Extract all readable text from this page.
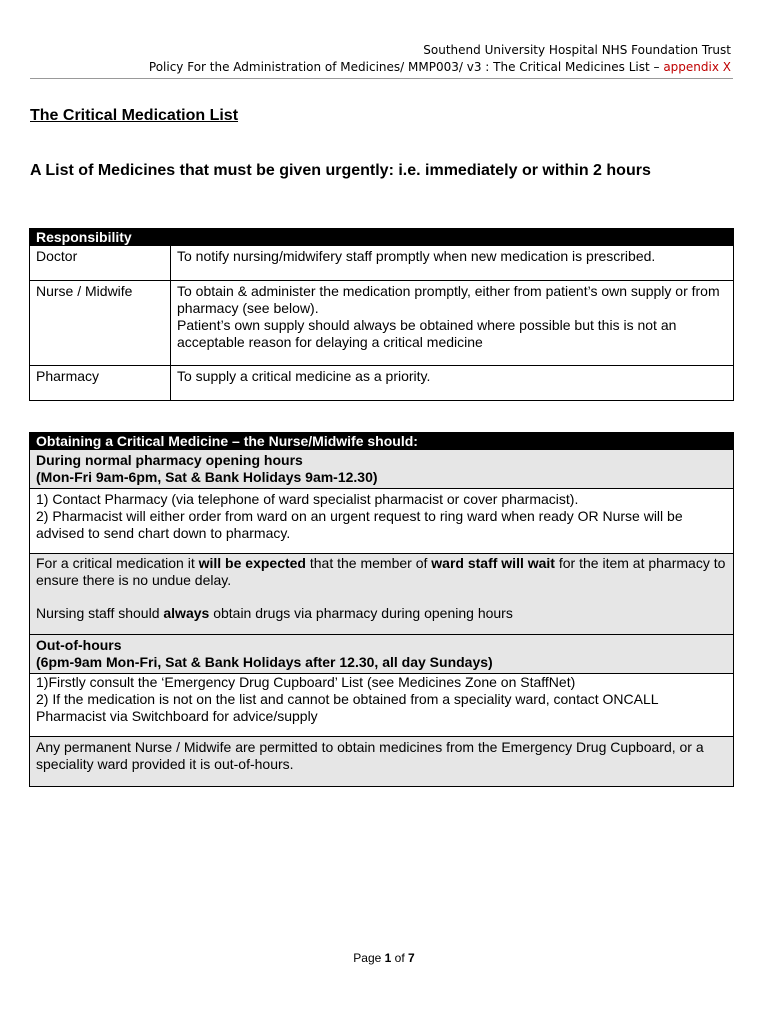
Southend University Hospital NHS Foundation Trust
Policy For the Administration of Medicines/ MMP003/ v3 : The Critical Medicines List – appendix X
The Critical Medication List
A List of Medicines that must be given urgently: i.e. immediately or within 2 hours
Responsibility	
Doctor	To notify nursing/midwifery staff promptly when new medication is prescribed.

Nurse / Midwife	To obtain & administer the medication promptly, either from patient’s own supply or from pharmacy (see below).

Patient’s own supply should always be obtained where possible but this is not an acceptable reason for delaying a critical medicine

Pharmacy	To supply a critical medicine as a priority.

Obtaining a Critical Medicine – the Nurse/Midwife should:

During normal pharmacy opening hours
(Mon-Fri 9am-6pm, Sat & Bank Holidays 9am-12.30)

1) Contact Pharmacy (via telephone of ward specialist pharmacist or cover pharmacist).

2) Pharmacist will either order from ward on an urgent request to ring ward when ready OR Nurse will be advised to send chart down to pharmacy.

For a critical medication it will be expected that the member of ward staff will wait for the item at pharmacy to ensure there is no undue delay.

Nursing staff should always obtain drugs via pharmacy during opening hours

Out-of-hours
(6pm-9am Mon-Fri, Sat & Bank Holidays after 12.30, all day Sundays)

1)Firstly consult the ‘Emergency Drug Cupboard’ List (see Medicines Zone on StaffNet)

2) If the medication is not on the list and cannot be obtained from a speciality ward, contact ONCALL Pharmacist via Switchboard for advice/supply

Any permanent Nurse / Midwife are permitted to obtain medicines from the Emergency Drug Cupboard, or a speciality ward provided it is out-of-hours.

Page 1 of 7
